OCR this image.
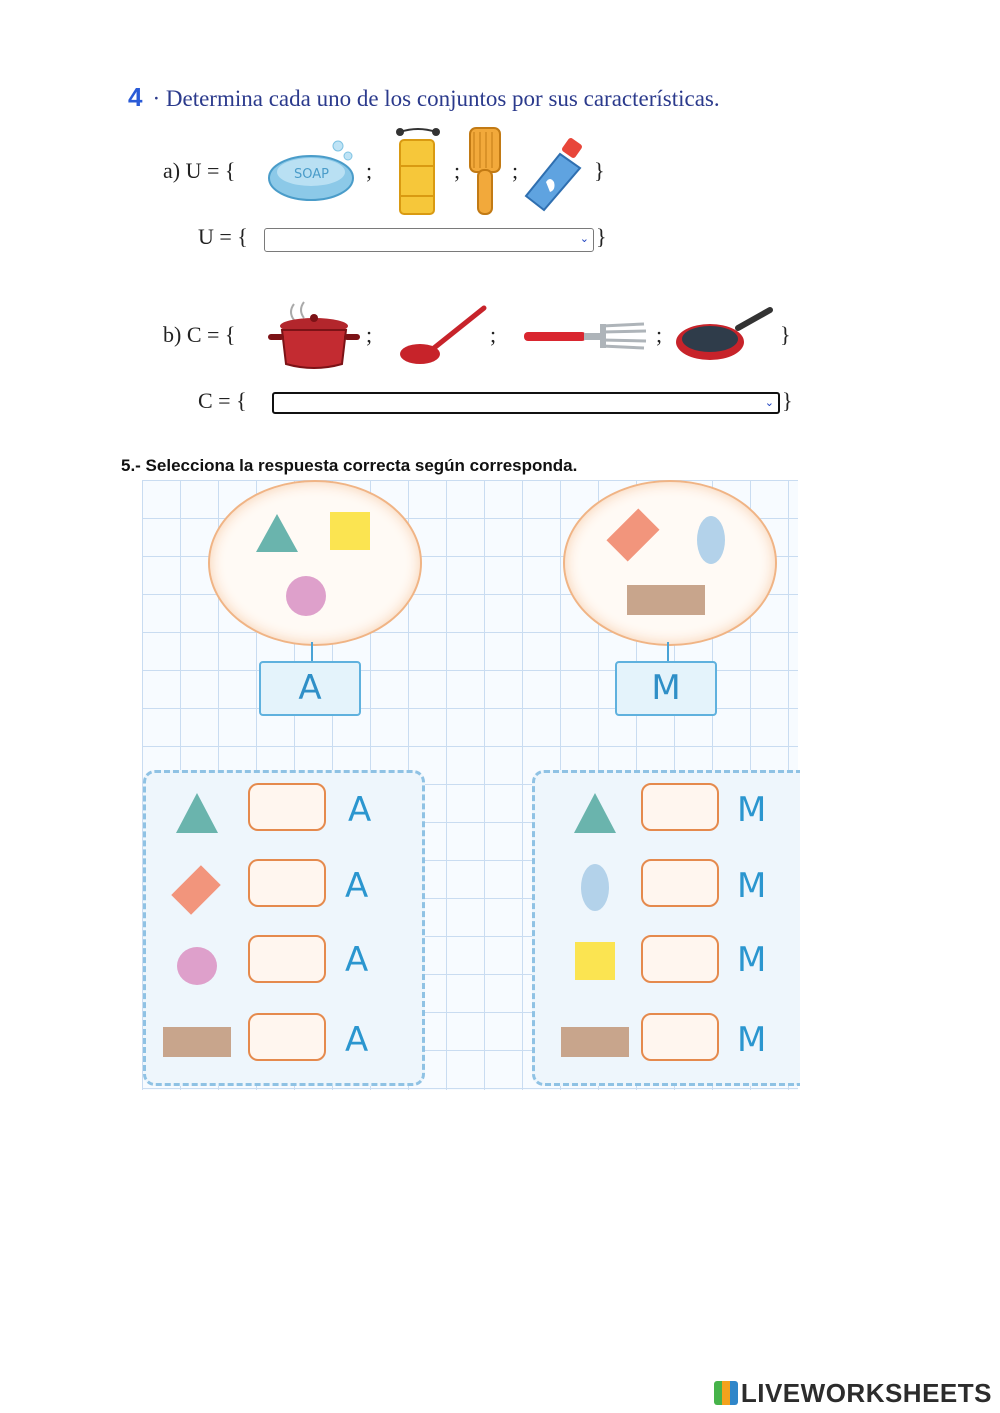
4 · Determina cada uno de los conjuntos por sus características.
a) U = {	SOAP ;	; ;	}
U = {	⌄ }
b) C = {	;	;	;	}
C = {	⌄ }
5.- Selecciona la respuesta correcta según corresponda.
A	M
A
A
A
A
M
M
M
M
LIVEWORKSHEETS
